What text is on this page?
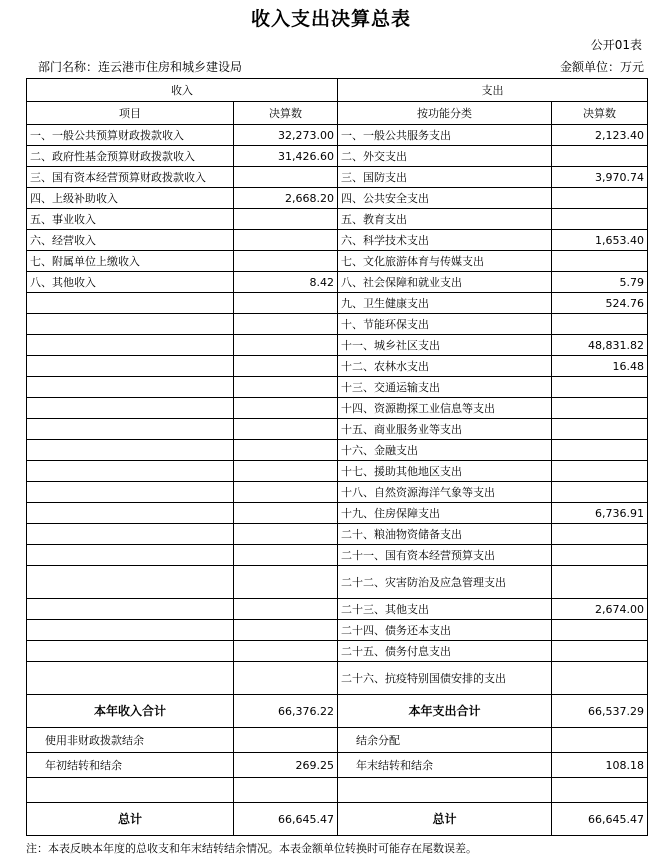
收入支出决算总表
公开01表
部门名称：连云港市住房和城乡建设局	金额单位：万元
收入		支出	
项目	决算数	按功能分类	决算数
一、一般公共预算财政拨款收入	32,273.00	一、一般公共服务支出	2,123.40
二、政府性基金预算财政拨款收入	31,426.60	二、外交支出	
三、国有资本经营预算财政拨款收入		三、国防支出	3,970.74
四、上级补助收入	2,668.20	四、公共安全支出	
五、事业收入		五、教育支出	
六、经营收入		六、科学技术支出	1,653.40
七、附属单位上缴收入		七、文化旅游体育与传媒支出	
八、其他收入	8.42	八、社会保障和就业支出	5.79
		九、卫生健康支出	524.76
		十、节能环保支出	
		十一、城乡社区支出	48,831.82
		十二、农林水支出	16.48
		十三、交通运输支出	
		十四、资源勘探工业信息等支出	
		十五、商业服务业等支出	
		十六、金融支出	
		十七、援助其他地区支出	
		十八、自然资源海洋气象等支出	
		十九、住房保障支出	6,736.91
		二十、粮油物资储备支出	
		二十一、国有资本经营预算支出	
		二十二、灾害防治及应急管理支出	
		二十三、其他支出	2,674.00
		二十四、债务还本支出	
		二十五、债务付息支出	
		二十六、抗疫特别国债安排的支出	
本年收入合计	66,376.22	本年支出合计	66,537.29
使用非财政拨款结余		结余分配	
年初结转和结余	269.25	年末结转和结余	108.18

总计	66,645.47	总计	66,645.47
注：本表反映本年度的总收支和年末结转结余情况。本表金额单位转换时可能存在尾数误差。
